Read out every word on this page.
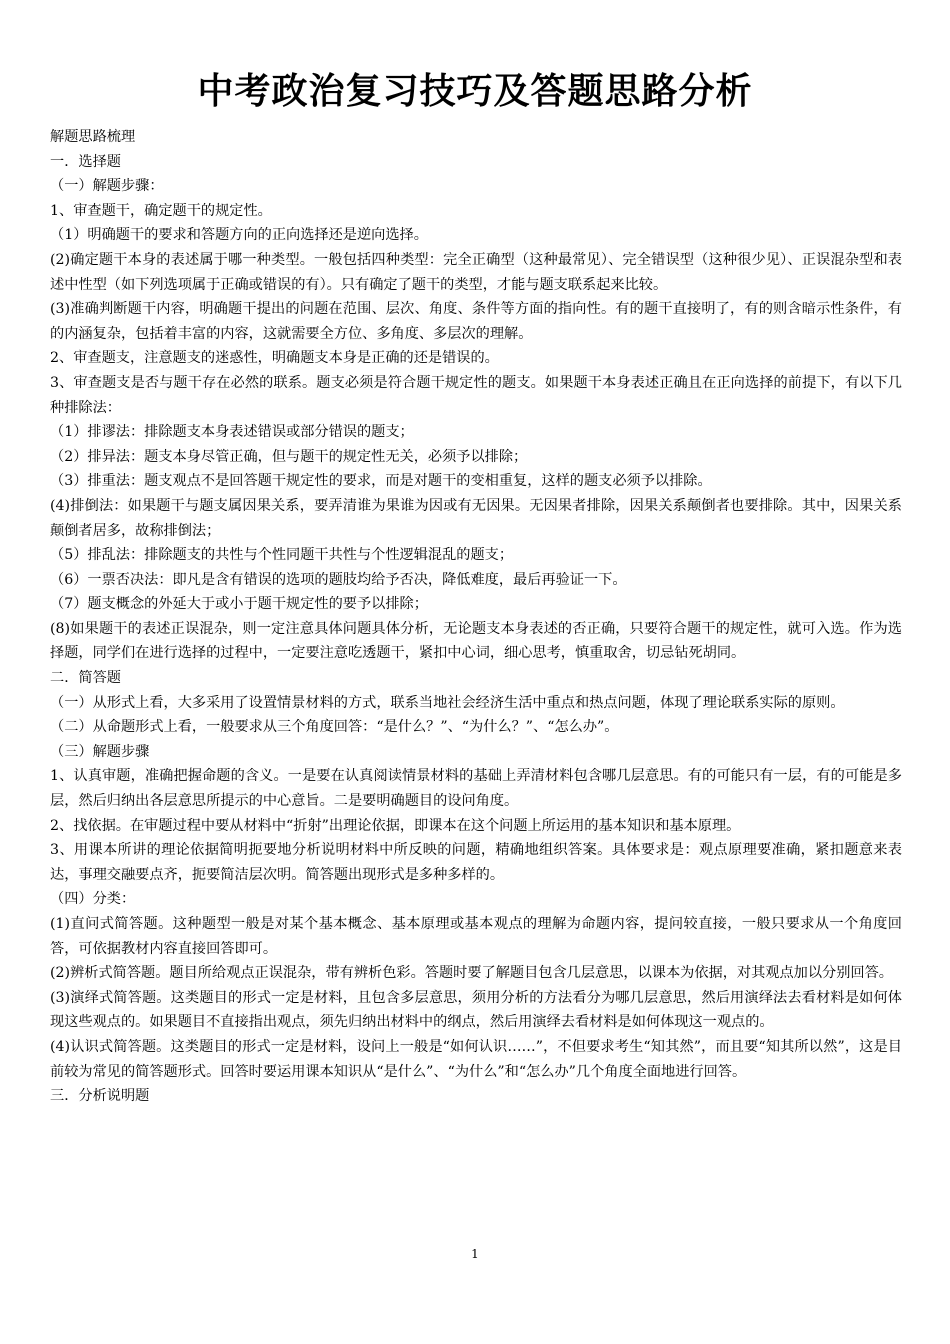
中考政治复习技巧及答题思路分析

解题思路梳理

一．选择题

（一）解题步骤：

1、审查题干，确定题干的规定性。

（1）明确题干的要求和答题方向的正向选择还是逆向选择。

(2)确定题干本身的表述属于哪一种类型。一般包括四种类型：完全正确型（这种最常见）、完全错误型（这种很少见）、正误混杂型和表述中性型（如下列选项属于正确或错误的有）。只有确定了题干的类型，才能与题支联系起来比较。

(3)准确判断题干内容，明确题干提出的问题在范围、层次、角度、条件等方面的指向性。有的题干直接明了，有的则含暗示性条件，有的内涵复杂，包括着丰富的内容，这就需要全方位、多角度、多层次的理解。

2、审查题支，注意题支的迷惑性，明确题支本身是正确的还是错误的。

3、审查题支是否与题干存在必然的联系。题支必须是符合题干规定性的题支。如果题干本身表述正确且在正向选择的前提下，有以下几种排除法：

（1）排谬法：排除题支本身表述错误或部分错误的题支；

（2）排异法：题支本身尽管正确，但与题干的规定性无关，必须予以排除；

（3）排重法：题支观点不是回答题干规定性的要求，而是对题干的变相重复，这样的题支必须予以排除。

(4)排倒法：如果题干与题支属因果关系，要弄清谁为果谁为因或有无因果。无因果者排除，因果关系颠倒者也要排除。其中，因果关系颠倒者居多，故称排倒法；

（5）排乱法：排除题支的共性与个性同题干共性与个性逻辑混乱的题支；

（6）一票否决法：即凡是含有错误的选项的题肢均给予否决，降低难度，最后再验证一下。

（7）题支概念的外延大于或小于题干规定性的要予以排除；

(8)如果题干的表述正误混杂，则一定注意具体问题具体分析，无论题支本身表述的否正确，只要符合题干的规定性，就可入选。作为选择题，同学们在进行选择的过程中，一定要注意吃透题干，紧扣中心词，细心思考，慎重取舍，切忌钻死胡同。

二．简答题

（一）从形式上看，大多采用了设置情景材料的方式，联系当地社会经济生活中重点和热点问题，体现了理论联系实际的原则。

（二）从命题形式上看，一般要求从三个角度回答：“是什么？”、“为什么？”、“怎么办”。

（三）解题步骤

1、认真审题，准确把握命题的含义。一是要在认真阅读情景材料的基础上弄清材料包含哪几层意思。有的可能只有一层，有的可能是多层，然后归纳出各层意思所提示的中心意旨。二是要明确题目的设问角度。

2、找依据。在审题过程中要从材料中“折射”出理论依据，即课本在这个问题上所运用的基本知识和基本原理。

3、用课本所讲的理论依据简明扼要地分析说明材料中所反映的问题，精确地组织答案。具体要求是：观点原理要准确，紧扣题意来表达，事理交融要点齐，扼要简洁层次明。简答题出现形式是多种多样的。

（四）分类：

(1)直问式简答题。这种题型一般是对某个基本概念、基本原理或基本观点的理解为命题内容，提问较直接，一般只要求从一个角度回答，可依据教材内容直接回答即可。

(2)辨析式简答题。题目所给观点正误混杂，带有辨析色彩。答题时要了解题目包含几层意思，以课本为依据，对其观点加以分别回答。

(3)演绎式简答题。这类题目的形式一定是材料，且包含多层意思，须用分析的方法看分为哪几层意思，然后用演绎法去看材料是如何体现这些观点的。如果题目不直接指出观点，须先归纳出材料中的纲点，然后用演绎去看材料是如何体现这一观点的。

(4)认识式简答题。这类题目的形式一定是材料，设问上一般是“如何认识……”，不但要求考生“知其然”，而且要“知其所以然”，这是目前较为常见的简答题形式。回答时要运用课本知识从“是什么”、“为什么”和“怎么办”几个角度全面地进行回答。

三．分析说明题

1
